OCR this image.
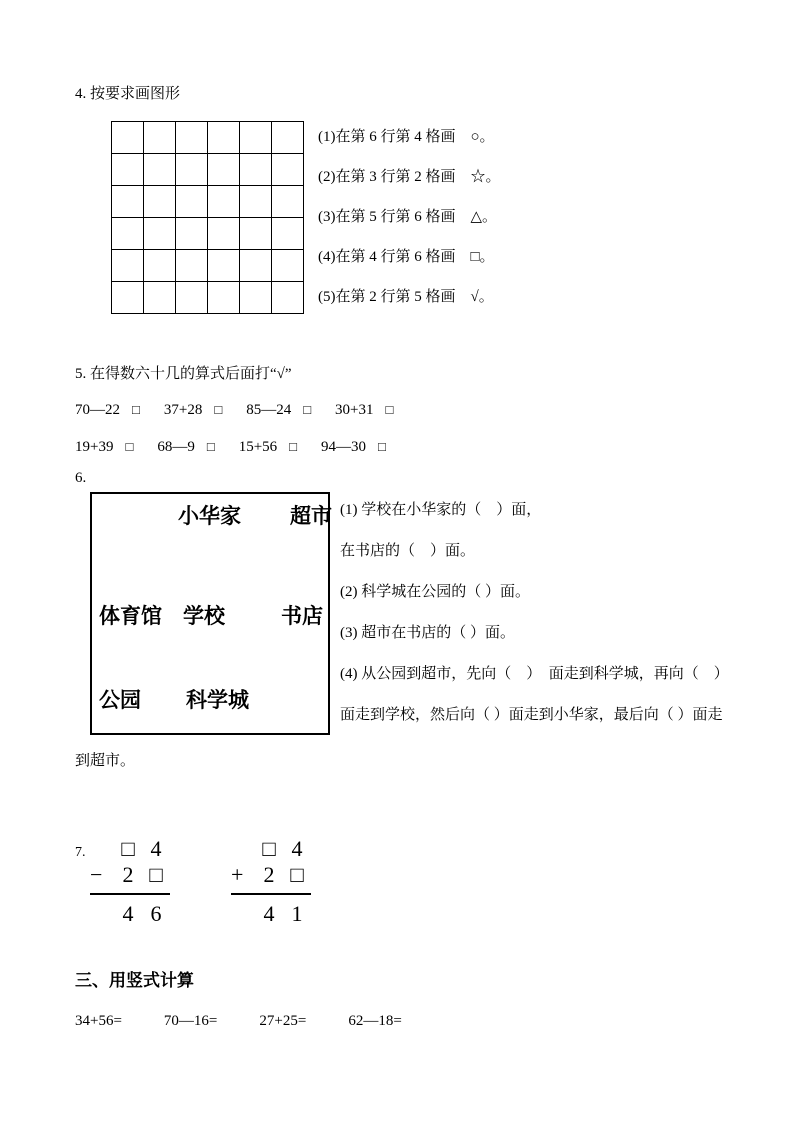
4. 按要求画图形
(1)在第 6 行第 4 格画　○。
(2)在第 3 行第 2 格画　☆。
(3)在第 5 行第 6 格画　△。
(4)在第 4 行第 6 格画　□。
(5)在第 2 行第 5 格画　√。
5. 在得数六十几的算式后面打“√”
70—22 □ 37+28 □ 85—24 □ 30+31 □
19+39 □ 68—9 □ 15+56 □ 94—30 □
6.
小华家 超市
体育馆 学校	书店
公园 科学城
(1) 学校在小华家的（　）面，
在书店的（　）面。
(2) 科学城在公园的（ ）面。
(3) 超市在书店的（ ）面。
(4) 从公园到超市，先向（　）　面走到科学城，再向（　）
面走到学校，然后向（ ）面走到小华家，最后向（ ）面走
到超市。
7.	□ 4
− 2 □
4 6
□ 4
+ 2 □
4 1
三、用竖式计算
34+56=	70—16=	27+25=	62—18=
